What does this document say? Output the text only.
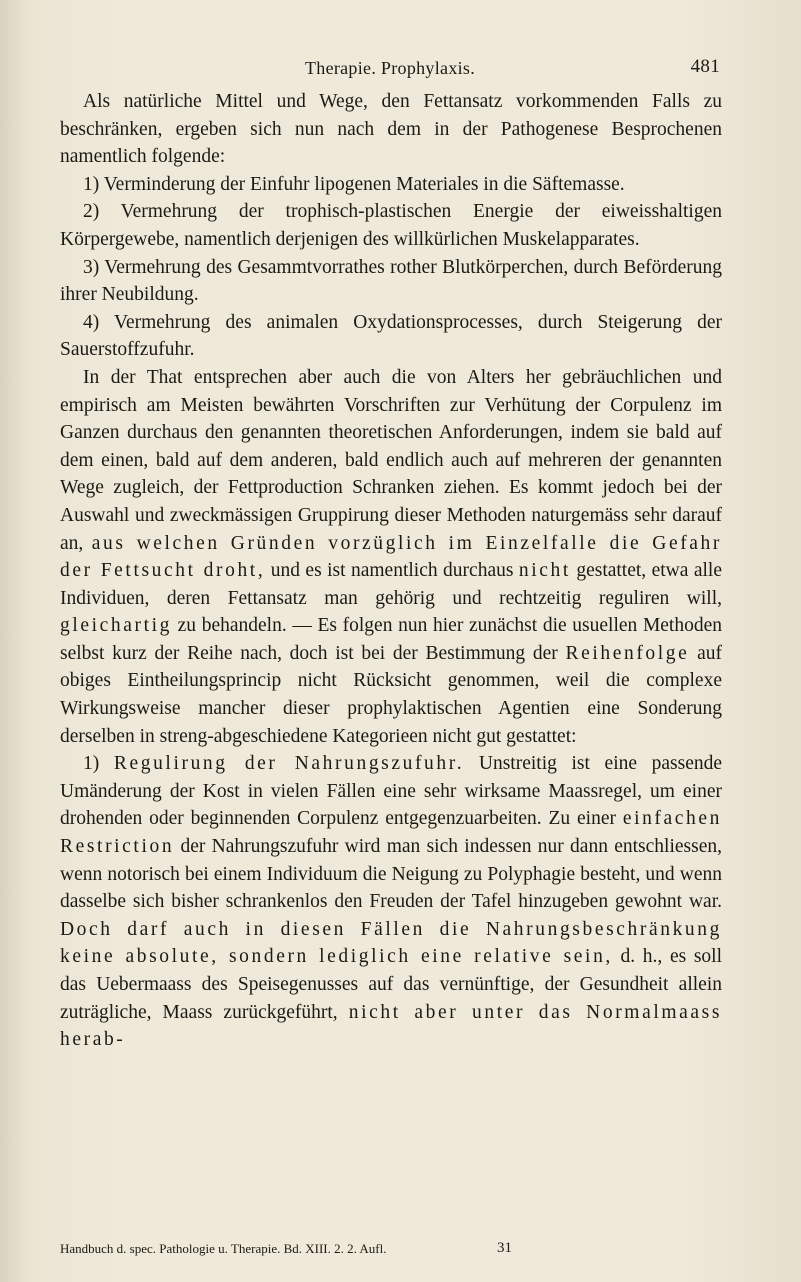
Therapie. Prophylaxis.	481

Als natürliche Mittel und Wege, den Fettansatz vorkommenden Falls zu beschränken, ergeben sich nun nach dem in der Pathogenese Besprochenen namentlich folgende:

1) Verminderung der Einfuhr lipogenen Materiales in die Säftemasse.

2) Vermehrung der trophisch-plastischen Energie der eiweisshaltigen Körpergewebe, namentlich derjenigen des willkürlichen Muskelapparates.

3) Vermehrung des Gesammtvorrathes rother Blutkörperchen, durch Beförderung ihrer Neubildung.

4) Vermehrung des animalen Oxydationsprocesses, durch Steigerung der Sauerstoffzufuhr.

In der That entsprechen aber auch die von Alters her gebräuchlichen und empirisch am Meisten bewährten Vorschriften zur Verhütung der Corpulenz im Ganzen durchaus den genannten theoretischen Anforderungen, indem sie bald auf dem einen, bald auf dem anderen, bald endlich auch auf mehreren der genannten Wege zugleich, der Fettproduction Schranken ziehen. Es kommt jedoch bei der Auswahl und zweckmässigen Gruppirung dieser Methoden naturgemäss sehr darauf an, aus welchen Gründen vorzüglich im Einzelfalle die Gefahr der Fettsucht droht, und es ist namentlich durchaus nicht gestattet, etwa alle Individuen, deren Fettansatz man gehörig und rechtzeitig reguliren will, gleichartig zu behandeln. — Es folgen nun hier zunächst die usuellen Methoden selbst kurz der Reihe nach, doch ist bei der Bestimmung der Reihenfolge auf obiges Eintheilungsprincip nicht Rücksicht genommen, weil die complexe Wirkungsweise mancher dieser prophylaktischen Agentien eine Sonderung derselben in streng-abgeschiedene Kategorieen nicht gut gestattet:

1) Regulirung der Nahrungszufuhr. Unstreitig ist eine passende Umänderung der Kost in vielen Fällen eine sehr wirksame Maassregel, um einer drohenden oder beginnenden Corpulenz entgegenzuarbeiten. Zu einer einfachen Restriction der Nahrungszufuhr wird man sich indessen nur dann entschliessen, wenn notorisch bei einem Individuum die Neigung zu Polyphagie besteht, und wenn dasselbe sich bisher schrankenlos den Freuden der Tafel hinzugeben gewohnt war. Doch darf auch in diesen Fällen die Nahrungsbeschränkung keine absolute, sondern lediglich eine relative sein, d. h., es soll das Uebermaass des Speisegenusses auf das vernünftige, der Gesundheit allein zuträgliche, Maass zurückgeführt, nicht aber unter das Normalmaass herab-

Handbuch d. spec. Pathologie u. Therapie. Bd. XIII. 2. 2. Aufl.	31
